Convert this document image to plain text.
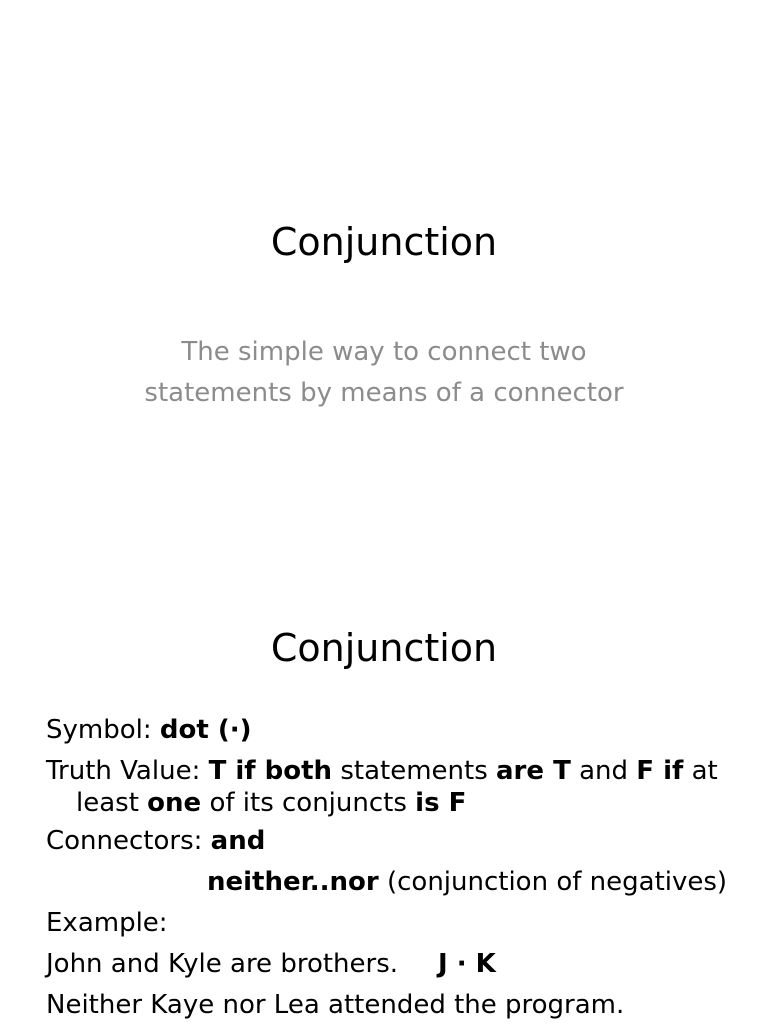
Conjunction
The simple way to connect two
statements by means of a connector
Conjunction
Symbol: dot (·)
Truth Value: T if both statements are T and F if at
least one of its conjuncts is F
Connectors: and
neither..nor (conjunction of negatives)
Example:
John and Kyle are brothers. J · K
Neither Kaye nor Lea attended the program.
